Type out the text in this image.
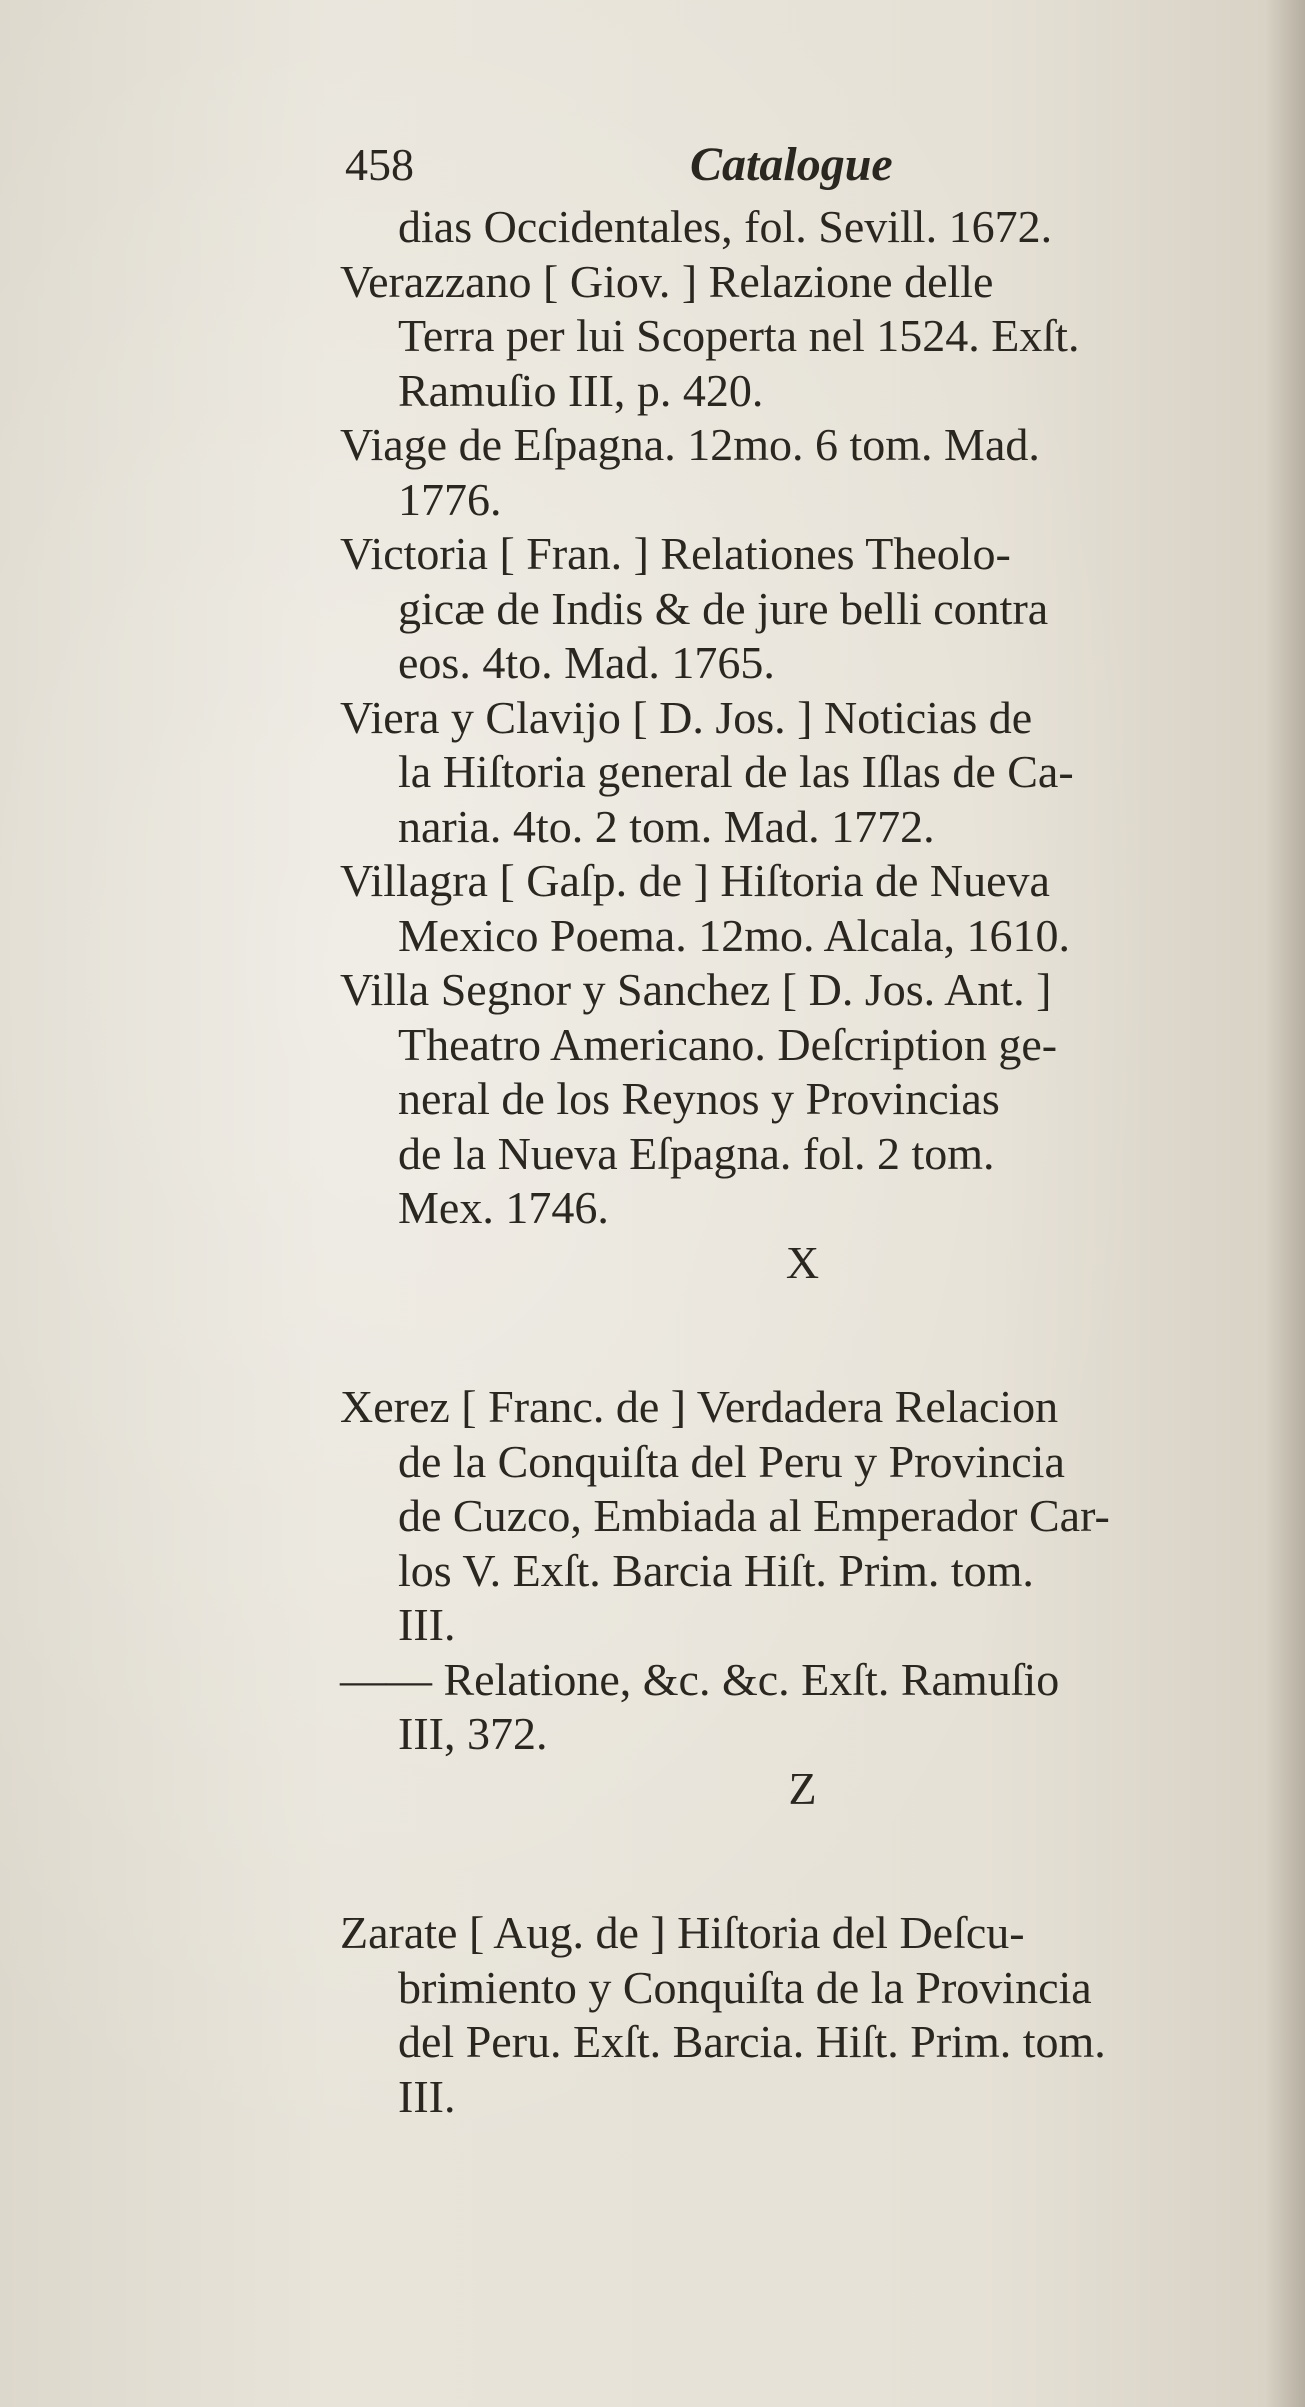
458	Catalogue

dias Occidentales, fol. Sevill. 1672.

Verazzano [ Giov. ] Relazione delle
Terra per lui Scoperta nel 1524. Exſt.
Ramuſio III, p. 420.

Viage de Eſpagna. 12mo. 6 tom. Mad.
1776.

Victoria [ Fran. ] Relationes Theolo-
gicæ de Indis & de jure belli contra
eos. 4to. Mad. 1765.

Viera y Clavijo [ D. Jos. ] Noticias de
la Hiſtoria general de las Iſlas de Ca-
naria. 4to. 2 tom. Mad. 1772.

Villagra [ Gaſp. de ] Hiſtoria de Nueva
Mexico Poema. 12mo. Alcala, 1610.

Villa Segnor y Sanchez [ D. Jos. Ant. ]
Theatro Americano. Deſcription ge-
neral de los Reynos y Provincias
de la Nueva Eſpagna. fol. 2 tom.
Mex. 1746.

X

Xerez [ Franc. de ] Verdadera Relacion
de la Conquiſta del Peru y Provincia
de Cuzco, Embiada al Emperador Car-
los V. Exſt. Barcia Hiſt. Prim. tom.
III.

—— Relatione, &c. &c. Exſt. Ramuſio
III, 372.

Z

Zarate [ Aug. de ] Hiſtoria del Deſcu-
brimiento y Conquiſta de la Provincia
del Peru. Exſt. Barcia. Hiſt. Prim. tom.
III.
